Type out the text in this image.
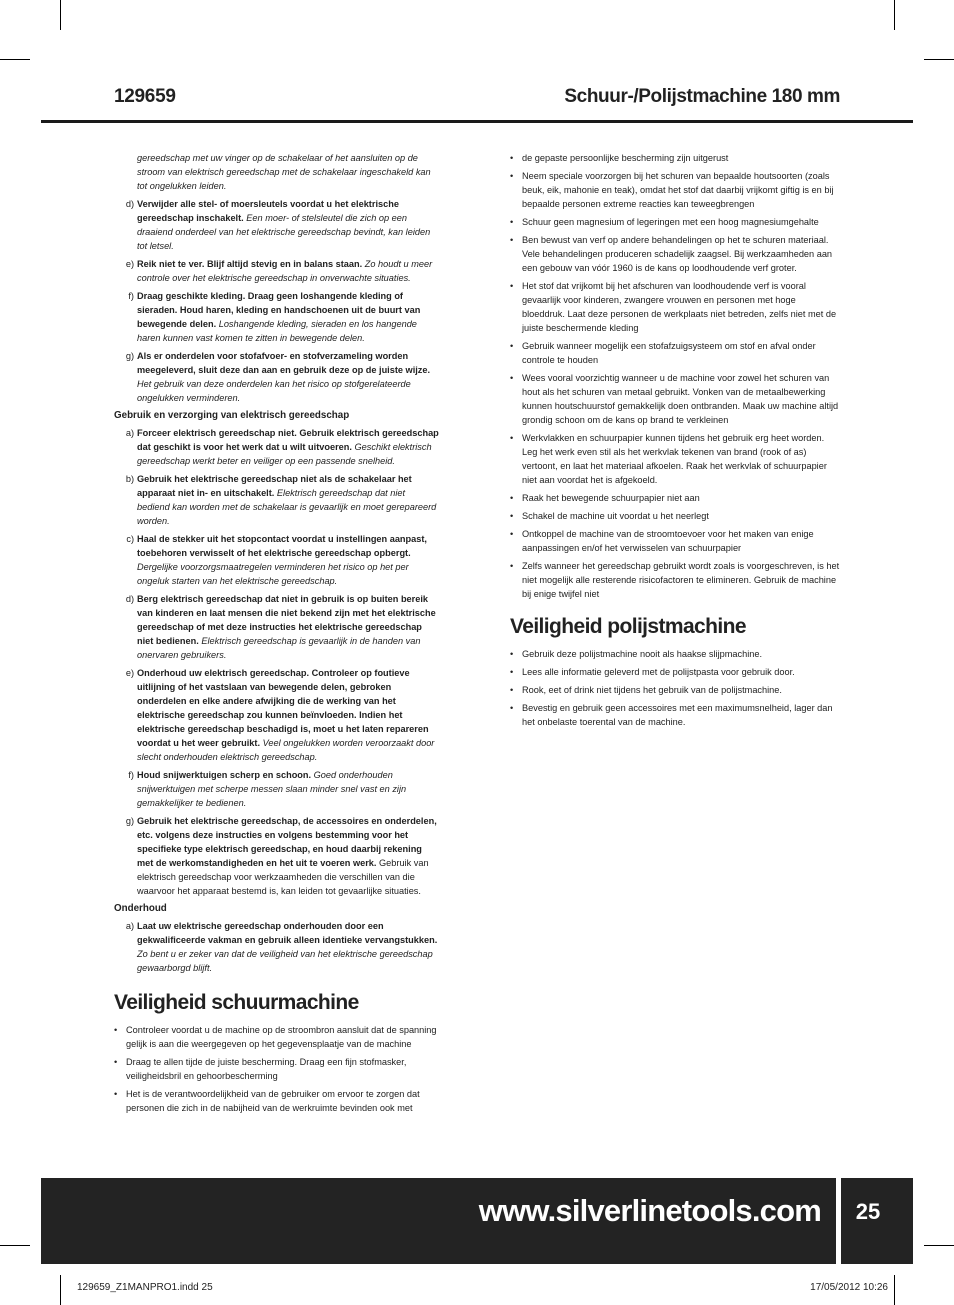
129659	Schuur-/Polijstmachine 180 mm
gereedschap met uw vinger op de schakelaar of het aansluiten op de stroom van elektrisch gereedschap met de schakelaar ingeschakeld kan tot ongelukken leiden.
d) Verwijder alle stel- of moersleutels voordat u het elektrische gereedschap inschakelt. Een moer- of stelsleutel die zich op een draaiend onderdeel van het elektrische gereedschap bevindt, kan leiden tot letsel.
e) Reik niet te ver. Blijf altijd stevig en in balans staan. Zo houdt u meer controle over het elektrische gereedschap in onverwachte situaties.
f) Draag geschikte kleding. Draag geen loshangende kleding of sieraden. Houd haren, kleding en handschoenen uit de buurt van bewegende delen. Loshangende kleding, sieraden en los hangende haren kunnen vast komen te zitten in bewegende delen.
g) Als er onderdelen voor stofafvoer- en stofverzameling worden meegeleverd, sluit deze dan aan en gebruik deze op de juiste wijze. Het gebruik van deze onderdelen kan het risico op stofgerelateerde ongelukken verminderen.
Gebruik en verzorging van elektrisch gereedschap
a) Forceer elektrisch gereedschap niet. Gebruik elektrisch gereedschap dat geschikt is voor het werk dat u wilt uitvoeren. Geschikt elektrisch gereedschap werkt beter en veiliger op een passende snelheid.
b) Gebruik het elektrische gereedschap niet als de schakelaar het apparaat niet in- en uitschakelt. Elektrisch gereedschap dat niet bediend kan worden met de schakelaar is gevaarlijk en moet gerepareerd worden.
c) Haal de stekker uit het stopcontact voordat u instellingen aanpast, toebehoren verwisselt of het elektrische gereedschap opbergt. Dergelijke voorzorgsmaatregelen verminderen het risico op het per ongeluk starten van het elektrische gereedschap.
d) Berg elektrisch gereedschap dat niet in gebruik is op buiten bereik van kinderen en laat mensen die niet bekend zijn met het elektrische gereedschap of met deze instructies het elektrische gereedschap niet bedienen. Elektrisch gereedschap is gevaarlijk in de handen van onervaren gebruikers.
e) Onderhoud uw elektrisch gereedschap. Controleer op foutieve uitlijning of het vastslaan van bewegende delen, gebroken onderdelen en elke andere afwijking die de werking van het elektrische gereedschap zou kunnen beïnvloeden. Indien het elektrische gereedschap beschadigd is, moet u het laten repareren voordat u het weer gebruikt. Veel ongelukken worden veroorzaakt door slecht onderhouden elektrisch gereedschap.
f) Houd snijwerktuigen scherp en schoon. Goed onderhouden snijwerktuigen met scherpe messen slaan minder snel vast en zijn gemakkelijker te bedienen.
g) Gebruik het elektrische gereedschap, de accessoires en onderdelen, etc. volgens deze instructies en volgens bestemming voor het specifieke type elektrisch gereedschap, en houd daarbij rekening met de werkomstandigheden en het uit te voeren werk. Gebruik van elektrisch gereedschap voor werkzaamheden die verschillen van die waarvoor het apparaat bestemd is, kan leiden tot gevaarlijke situaties.
Onderhoud
a) Laat uw elektrische gereedschap onderhouden door een gekwalificeerde vakman en gebruik alleen identieke vervangstukken. Zo bent u er zeker van dat de veiligheid van het elektrische gereedschap gewaarborgd blijft.
Veiligheid schuurmachine
• Controleer voordat u de machine op de stroombron aansluit dat de spanning gelijk is aan die weergegeven op het gegevensplaatje van de machine
• Draag te allen tijde de juiste bescherming. Draag een fijn stofmasker, veiligheidsbril en gehoorbescherming
• Het is de verantwoordelijkheid van de gebruiker om ervoor te zorgen dat personen die zich in de nabijheid van de werkruimte bevinden ook met
• de gepaste persoonlijke bescherming zijn uitgerust
• Neem speciale voorzorgen bij het schuren van bepaalde houtsoorten (zoals beuk, eik, mahonie en teak), omdat het stof dat daarbij vrijkomt giftig is en bij bepaalde personen extreme reacties kan teweegbrengen
• Schuur geen magnesium of legeringen met een hoog magnesiumgehalte
• Ben bewust van verf op andere behandelingen op het te schuren materiaal. Vele behandelingen produceren schadelijk zaagsel. Bij werkzaamheden aan een gebouw van vóór 1960 is de kans op loodhoudende verf groter.
• Het stof dat vrijkomt bij het afschuren van loodhoudende verf is vooral gevaarlijk voor kinderen, zwangere vrouwen en personen met hoge bloeddruk. Laat deze personen de werkplaats niet betreden, zelfs niet met de juiste beschermende kleding
• Gebruik wanneer mogelijk een stofafzuigsysteem om stof en afval onder controle te houden
• Wees vooral voorzichtig wanneer u de machine voor zowel het schuren van hout als het schuren van metaal gebruikt. Vonken van de metaalbewerking kunnen houtschuurstof gemakkelijk doen ontbranden. Maak uw machine altijd grondig schoon om de kans op brand te verkleinen
• Werkvlakken en schuurpapier kunnen tijdens het gebruik erg heet worden. Leg het werk even stil als het werkvlak tekenen van brand (rook of as) vertoont, en laat het materiaal afkoelen. Raak het werkvlak of schuurpapier niet aan voordat het is afgekoeld.
• Raak het bewegende schuurpapier niet aan
• Schakel de machine uit voordat u het neerlegt
• Ontkoppel de machine van de stroomtoevoer voor het maken van enige aanpassingen en/of het verwisselen van schuurpapier
• Zelfs wanneer het gereedschap gebruikt wordt zoals is voorgeschreven, is het niet mogelijk alle resterende risicofactoren te elimineren. Gebruik de machine bij enige twijfel niet
Veiligheid polijstmachine
• Gebruik deze polijstmachine nooit als haakse slijpmachine.
• Lees alle informatie geleverd met de polijstpasta voor gebruik door.
• Rook, eet of drink niet tijdens het gebruik van de polijstmachine.
• Bevestig en gebruik geen accessoires met een maximumsnelheid, lager dan het onbelaste toerental van de machine.
www.silverlinetools.com	25
129659_Z1MANPRO1.indd 25	17/05/2012 10:26
